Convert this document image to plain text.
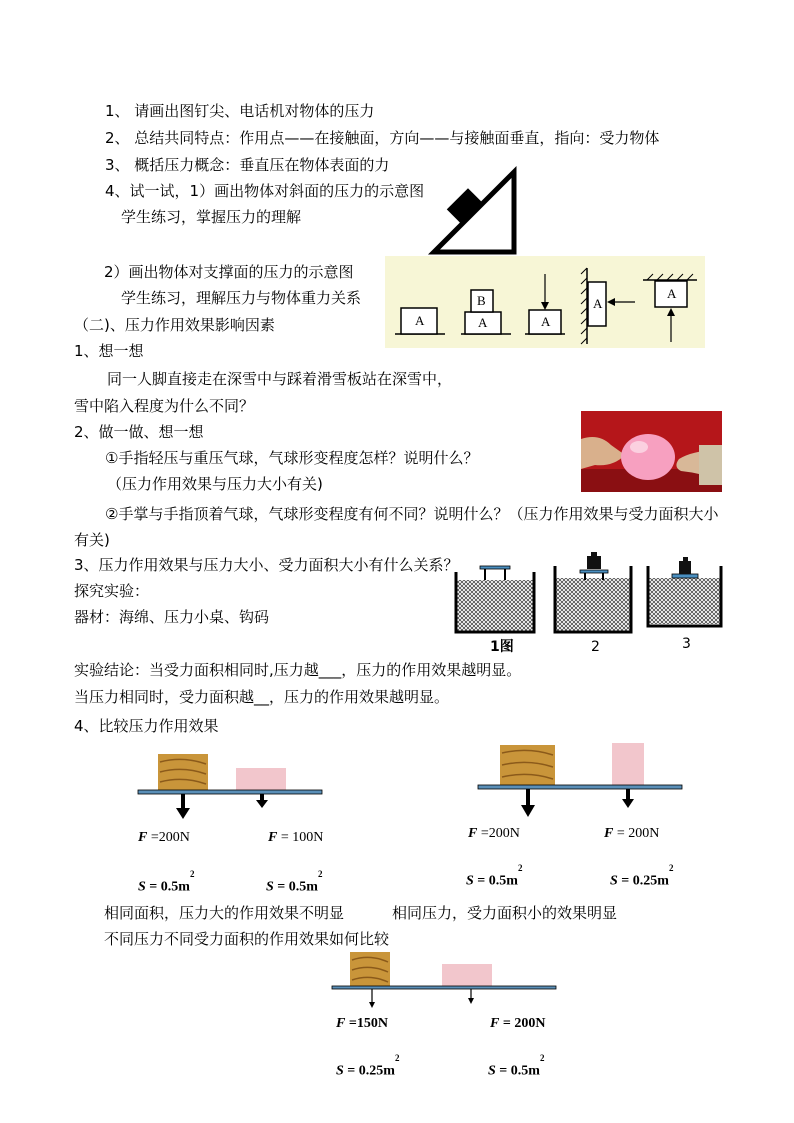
1、 请画出图钉尖、电话机对物体的压力
2、 总结共同特点：作用点——在接触面，方向——与接触面垂直，指向：受力物体
3、 概括压力概念：垂直压在物体表面的力
4、试一试，1）画出物体对斜面的压力的示意图
学生练习，掌握压力的理解
2）画出物体对支撑面的压力的示意图
学生练习，理解压力与物体重力关系
（二)、压力作用效果影响因素
1、想一想
同一人脚直接走在深雪中与踩着滑雪板站在深雪中，
雪中陷入程度为什么不同？
2、做一做、想一想
①手指轻压与重压气球，气球形变程度怎样？说明什么？
（压力作用效果与压力大小有关)
②手掌与手指顶着气球，气球形变程度有何不同？说明什么？（压力作用效果与受力面积大小有关)
3、压力作用效果与压力大小、受力面积大小有什么关系？
探究实验：
器材：海绵、压力小桌、钩码
实验结论：当受力面积相同时,压力越___，压力的作用效果越明显。
当压力相同时，受力面积越__，压力的作用效果越明显。
4、比较压力作用效果
相同面积，压力大的作用效果不明显	相同压力，受力面积小的效果明显
不同压力不同受力面积的作用效果如何比较
A
B
A	A
A
A
1图	2	3
F =200N	F = 100N
$S = 0.5m^2$
$S = 0.5m^2$
F =200N	F = 200N
$S = 0.5m^2$
$S = 0.25m^2$
F =150N	F = 200N
$S = 0.25m^2$
$S = 0.5m^2$
